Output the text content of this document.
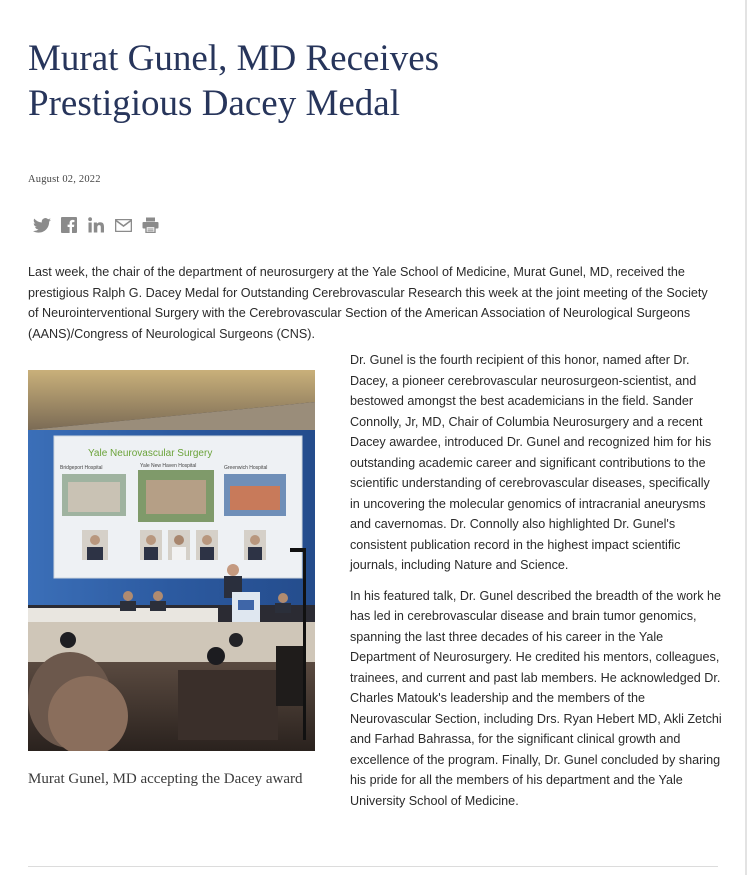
Murat Gunel, MD Receives Prestigious Dacey Medal
August 02, 2022

Last week, the chair of the department of neurosurgery at the Yale School of Medicine, Murat Gunel, MD, received the prestigious Ralph G. Dacey Medal for Outstanding Cerebrovascular Research this week at the joint meeting of the Society of Neurointerventional Surgery with the Cerebrovascular Section of the American Association of Neurological Surgeons (AANS)/Congress of Neurological Surgeons (CNS).

Yale Neurovascular Surgery
Bridgeport Hospital	Yale New Haven Hospital	Greenwich Hospital

Murat Gunel, MD accepting the Dacey award

Dr. Gunel is the fourth recipient of this honor, named after Dr. Dacey, a pioneer cerebrovascular neurosurgeon-scientist, and bestowed amongst the best academicians in the field. Sander Connolly, Jr, MD, Chair of Columbia Neurosurgery and a recent Dacey awardee, introduced Dr. Gunel and recognized him for his outstanding academic career and significant contributions to the scientific understanding of cerebrovascular diseases, specifically in uncovering the molecular genomics of intracranial aneurysms and cavernomas. Dr. Connolly also highlighted Dr. Gunel's consistent publication record in the highest impact scientific journals, including Nature and Science.

In his featured talk, Dr. Gunel described the breadth of the work he has led in cerebrovascular disease and brain tumor genomics, spanning the last three decades of his career in the Yale Department of Neurosurgery. He credited his mentors, colleagues, trainees, and current and past lab members. He acknowledged Dr. Charles Matouk's leadership and the members of the Neurovascular Section, including Drs. Ryan Hebert MD, Akli Zetchi and Farhad Bahrassa, for the significant clinical growth and excellence of the program. Finally, Dr. Gunel concluded by sharing his pride for all the members of his department and the Yale University School of Medicine.
